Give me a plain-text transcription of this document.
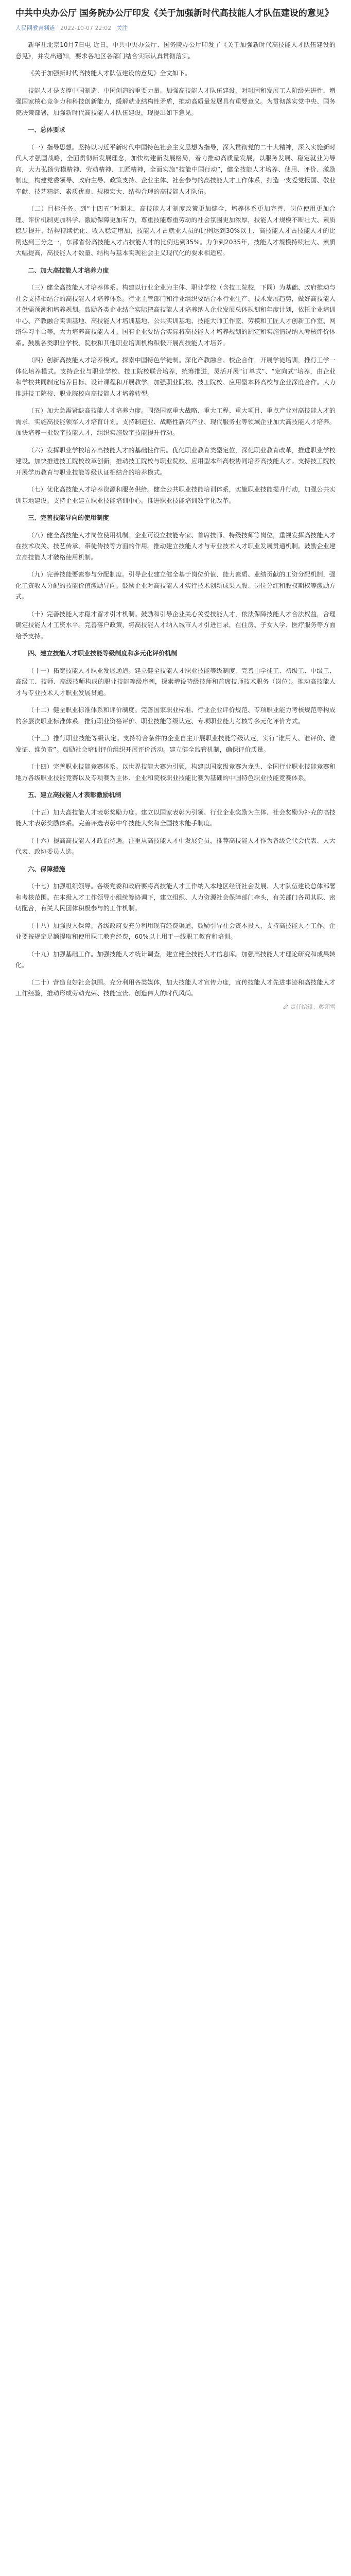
中共中央办公厅 国务院办公厅印发《关于加强新时代高技能人才队伍建设的意见》
人民网教育频道 2022-10-07 22:02 关注
新华社北京10月7日电 近日，中共中央办公厅、国务院办公厅印发了《关于加强新时代高技能人才队伍建设的意见》，并发出通知，要求各地区各部门结合实际认真贯彻落实。
《关于加强新时代高技能人才队伍建设的意见》全文如下。
技能人才是支撑中国制造、中国创造的重要力量。加强高技能人才队伍建设，对巩固和发展工人阶级先进性，增强国家核心竞争力和科技创新能力，缓解就业结构性矛盾，推动高质量发展具有重要意义。为贯彻落实党中央、国务院决策部署，加强新时代高技能人才队伍建设，现提出如下意见。
一、总体要求
（一）指导思想。坚持以习近平新时代中国特色社会主义思想为指导，深入贯彻党的二十大精神，深入实施新时代人才强国战略，全面贯彻新发展理念，加快构建新发展格局，着力推动高质量发展，以服务发展、稳定就业为导向，大力弘扬劳模精神、劳动精神、工匠精神，全面实施“技能中国行动”，健全技能人才培养、使用、评价、激励制度，构建党委领导、政府主导、政策支持、企业主体、社会参与的高技能人才工作体系，打造一支爱党报国、敬业奉献、技艺精湛、素质优良、规模宏大、结构合理的高技能人才队伍。
（二）目标任务。到“十四五”时期末，高技能人才制度政策更加健全、培养体系更加完善、岗位使用更加合理、评价机制更加科学、激励保障更加有力，尊重技能尊重劳动的社会氛围更加浓厚，技能人才规模不断壮大、素质稳步提升、结构持续优化、收入稳定增加，技能人才占就业人员的比例达到30%以上，高技能人才占技能人才的比例达到三分之一，东部省份高技能人才占技能人才的比例达到35%。力争到2035年，技能人才规模持续壮大、素质大幅提高，高技能人才数量、结构与基本实现社会主义现代化的要求相适应。
二、加大高技能人才培养力度
（三）健全高技能人才培养体系。构建以行业企业为主体、职业学校（含技工院校，下同）为基础、政府推动与社会支持相结合的高技能人才培养体系。行业主管部门和行业组织要结合本行业生产、技术发展趋势，做好高技能人才供需预测和培养规划。鼓励各类企业结合实际把高技能人才培养纳入企业发展总体规划和年度计划，依托企业培训中心、产教融合实训基地、高技能人才培训基地、公共实训基地、技能大师工作室、劳模和工匠人才创新工作室、网络学习平台等，大力培养高技能人才。国有企业要结合实际将高技能人才培养规划的制定和实施情况纳入考核评价体系。鼓励各类职业学校、院校和其他职业培训机构积极开展高技能人才培养。
（四）创新高技能人才培养模式。探索中国特色学徒制。深化产教融合、校企合作，开展学徒培训，推行工学一体化培养模式。支持企业与职业学校、技工院校联合培养，统筹推进，灵活开展“订单式”、“定向式”培养，由企业和学校共同制定培养目标、设计课程和开展教学。加强职业院校、技工院校、应用型本科高校与企业深度合作。大力推进技工院校、职业院校向高技能人才培养转型。
（五）加大急需紧缺高技能人才培养力度。围绕国家重大战略、重大工程、重大项目、重点产业对高技能人才的需求，实施高技能领军人才培育计划。支持制造业、战略性新兴产业、现代服务业等领域企业加大高技能人才培养。加快培养一批数字技能人才，组织实施数字技能提升行动。
（六）发挥职业学校培养高技能人才的基础性作用。优化职业教育类型定位，深化职业教育改革，推进职业学校建设。加快推进技工院校改革创新，推动技工院校与职业院校、应用型本科高校协同培养高技能人才。支持技工院校开展学历教育与职业技能等级认证相结合的培养模式。
（七）优化高技能人才培养资源和服务供给。健全公共职业技能培训体系，实施职业技能提升行动，加强公共实训基地建设。支持企业建立职业技能培训中心。推进职业技能培训数字化改革。
三、完善技能导向的使用制度
（八）健全高技能人才岗位使用机制。企业可设立技能专家、首席技师、特级技师等岗位，重视发挥高技能人才在技术攻关、技艺传承、带徒传技等方面的作用。推动建立技能人才与专业技术人才职业发展贯通机制。鼓励企业建立高技能人才破格使用机制。
（九）完善技能要素参与分配制度。引导企业建立健全基于岗位价值、能力素质、业绩贡献的工资分配机制，强化工资收入分配的技能价值激励导向。鼓励企业对高技能人才实行技术创新成果入股、岗位分红和股权期权等激励方式。
（十）完善技能人才稳才留才引才机制。鼓励和引导企业关心关爱技能人才，依法保障技能人才合法权益，合理确定技能人才工资水平。完善落户政策，将高技能人才纳入城市人才引进目录，在住房、子女入学、医疗服务等方面给予支持。
四、建立技能人才职业技能等级制度和多元化评价机制
（十一）拓宽技能人才职业发展通道。建立健全技能人才职业技能等级制度，完善由学徒工、初级工、中级工、高级工、技师、高级技师构成的职业技能等级序列，探索增设特级技师和首席技师技术职务（岗位）。推动高技能人才与专业技术人才职业发展贯通。
（十二）健全职业标准体系和评价制度。完善国家职业标准、行业企业评价规范、专项职业能力考核规范等构成的多层次职业标准体系。推行职业资格评价、职业技能等级认定、专项职业能力考核等多元化评价方式。
（十三）推行职业技能等级认定。支持符合条件的企业自主开展职业技能等级认定，实行“谁用人、谁评价、谁发证、谁负责”。鼓励社会培训评价组织开展评价活动。建立健全监管机制，确保评价质量。
（十四）完善职业技能竞赛体系。以世界技能大赛为引领，构建以国家级竞赛为龙头、全国行业职业技能竞赛和地方各级职业技能竞赛以及专项赛为主体、企业和院校职业技能比赛为基础的中国特色职业技能竞赛体系。
五、建立高技能人才表彰激励机制
（十五）加大高技能人才表彰奖励力度。建立以国家表彰为引领、行业企业奖励为主体、社会奖励为补充的高技能人才表彰奖励体系。完善评选表彰中华技能大奖和全国技术能手制度。
（十六）提高高技能人才政治待遇。注重从高技能人才中发展党员，推荐高技能人才作为各级党代会代表、人大代表、政协委员人选。
六、保障措施
（十七）加强组织领导。各级党委和政府要将高技能人才工作纳入本地区经济社会发展、人才队伍建设总体部署和考核范围。在本级人才工作领导小组统筹协调下，建立组织、人力资源社会保障部门牵头，有关部门各司其职、密切配合，有关人民团体积极参与的工作机制。
（十八）加强投入保障。各级政府要充分利用现有经费渠道，鼓励引导社会资本投入，支持高技能人才工作。企业要按规定足额提取和使用职工教育经费，60%以上用于一线职工教育和培训。
（十九）加强基础工作。加强技能人才统计调查，建立健全技能人才信息库。加强高技能人才理论研究和成果转化。
（二十）营造良好社会氛围。充分利用各类媒体，加大技能人才宣传力度，宣传技能人才先进事迹和高技能人才工作经验，推动形成劳动光荣、技能宝贵、创造伟大的时代风尚。
责任编辑：彭朔雪
